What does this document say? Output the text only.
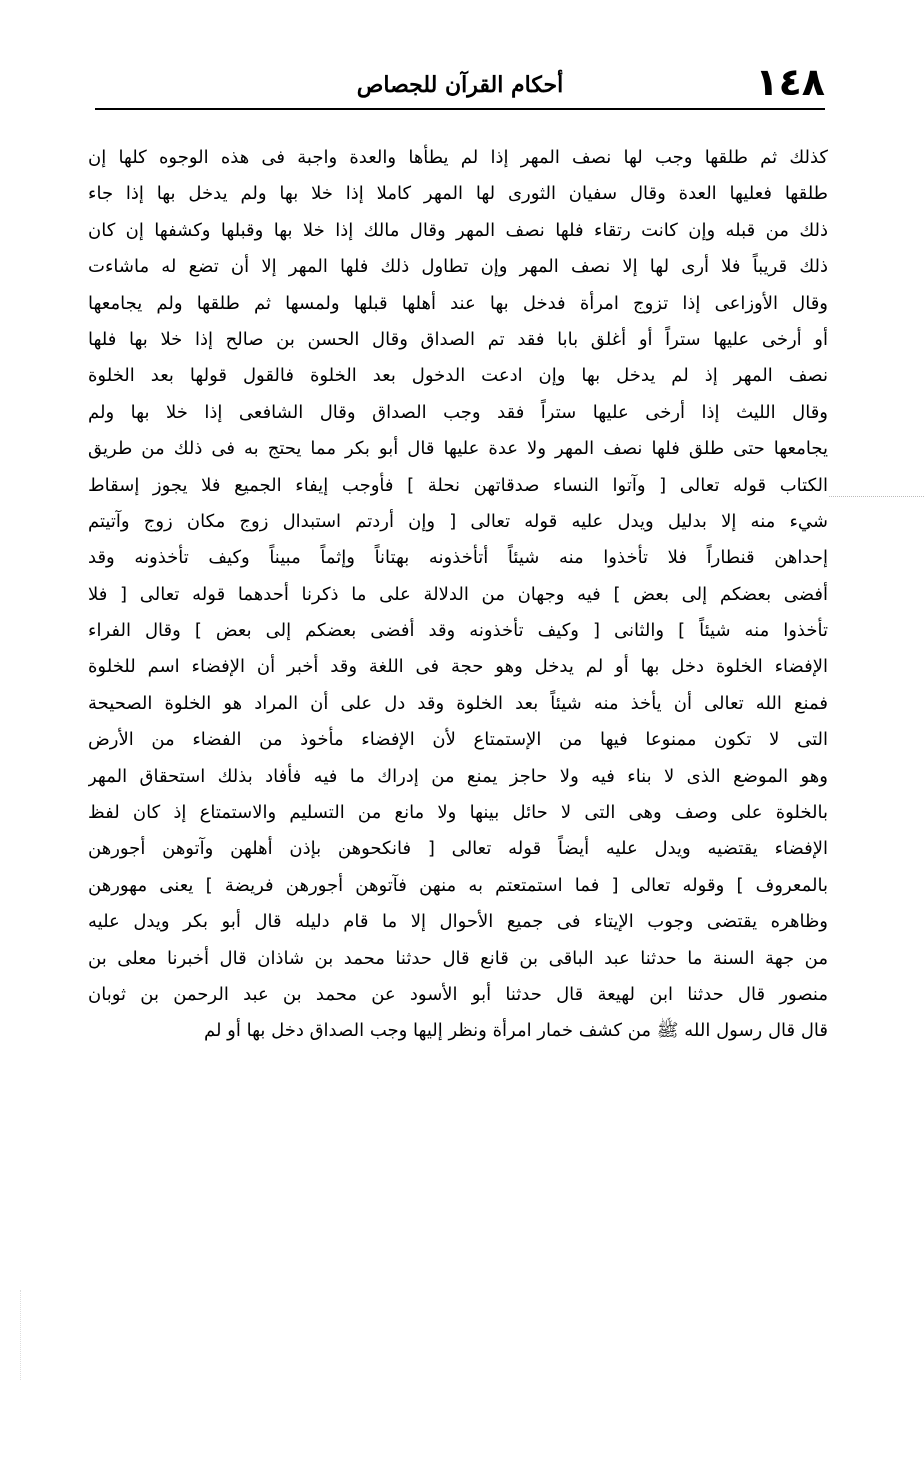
١٤٨
أحكام القرآن للجصاص
كذلك ثم طلقها وجب لها نصف المهر إذا لم يطأها والعدة واجبة فى هذه الوجوه كلها إن
طلقها فعليها العدة وقال سفيان الثورى لها المهر كاملا إذا خلا بها ولم يدخل بها إذا جاء
ذلك من قبله وإن كانت رتقاء فلها نصف المهر وقال مالك إذا خلا بها وقبلها وكشفها إن كان
ذلك قريباً فلا أرى لها إلا نصف المهر وإن تطاول ذلك فلها المهر إلا أن تضع له ماشاءت
وقال الأوزاعى إذا تزوج امرأة فدخل بها عند أهلها قبلها ولمسها ثم طلقها ولم يجامعها
أو أرخى عليها ستراً أو أغلق بابا فقد تم الصداق وقال الحسن بن صالح إذا خلا بها فلها
نصف المهر إذ لم يدخل بها وإن ادعت الدخول بعد الخلوة فالقول قولها بعد الخلوة
وقال الليث إذا أرخى عليها ستراً فقد وجب الصداق وقال الشافعى إذا خلا بها ولم
يجامعها حتى طلق فلها نصف المهر ولا عدة عليها قال أبو بكر مما يحتج به فى ذلك من طريق
الكتاب قوله تعالى [ وآتوا النساء صدقاتهن نحلة ] فأوجب إيفاء الجميع فلا يجوز إسقاط
شيء منه إلا بدليل ويدل عليه قوله تعالى [ وإن أردتم استبدال زوج مكان زوج وآتيتم
إحداهن قنطاراً فلا تأخذوا منه شيئاً أتأخذونه بهتاناً وإثماً مبيناً وكيف تأخذونه وقد
أفضى بعضكم إلى بعض ] فيه وجهان من الدلالة على ما ذكرنا أحدهما قوله تعالى [ فلا
تأخذوا منه شيئاً ] والثانى [ وكيف تأخذونه وقد أفضى بعضكم إلى بعض ] وقال الفراء
الإفضاء الخلوة دخل بها أو لم يدخل وهو حجة فى اللغة وقد أخبر أن الإفضاء اسم للخلوة
فمنع الله تعالى أن يأخذ منه شيئاً بعد الخلوة وقد دل على أن المراد هو الخلوة الصحيحة
التى لا تكون ممنوعا فيها من الإستمتاع لأن الإفضاء مأخوذ من الفضاء من الأرض
وهو الموضع الذى لا بناء فيه ولا حاجز يمنع من إدراك ما فيه فأفاد بذلك استحقاق المهر
بالخلوة على وصف وهى التى لا حائل بينها ولا مانع من التسليم والاستمتاع إذ كان لفظ
الإفضاء يقتضيه ويدل عليه أيضاً قوله تعالى [ فانكحوهن بإذن أهلهن وآتوهن أجورهن
بالمعروف ] وقوله تعالى [ فما استمتعتم به منهن فآتوهن أجورهن فريضة ] يعنى مهورهن
وظاهره يقتضى وجوب الإيتاء فى جميع الأحوال إلا ما قام دليله قال أبو بكر ويدل عليه
من جهة السنة ما حدثنا عبد الباقى بن قانع قال حدثنا محمد بن شاذان قال أخبرنا معلى بن
منصور قال حدثنا ابن لهيعة قال حدثنا أبو الأسود عن محمد بن عبد الرحمن بن ثوبان
قال قال رسول الله ﷺ من كشف خمار امرأة ونظر إليها وجب الصداق دخل بها أو لم
